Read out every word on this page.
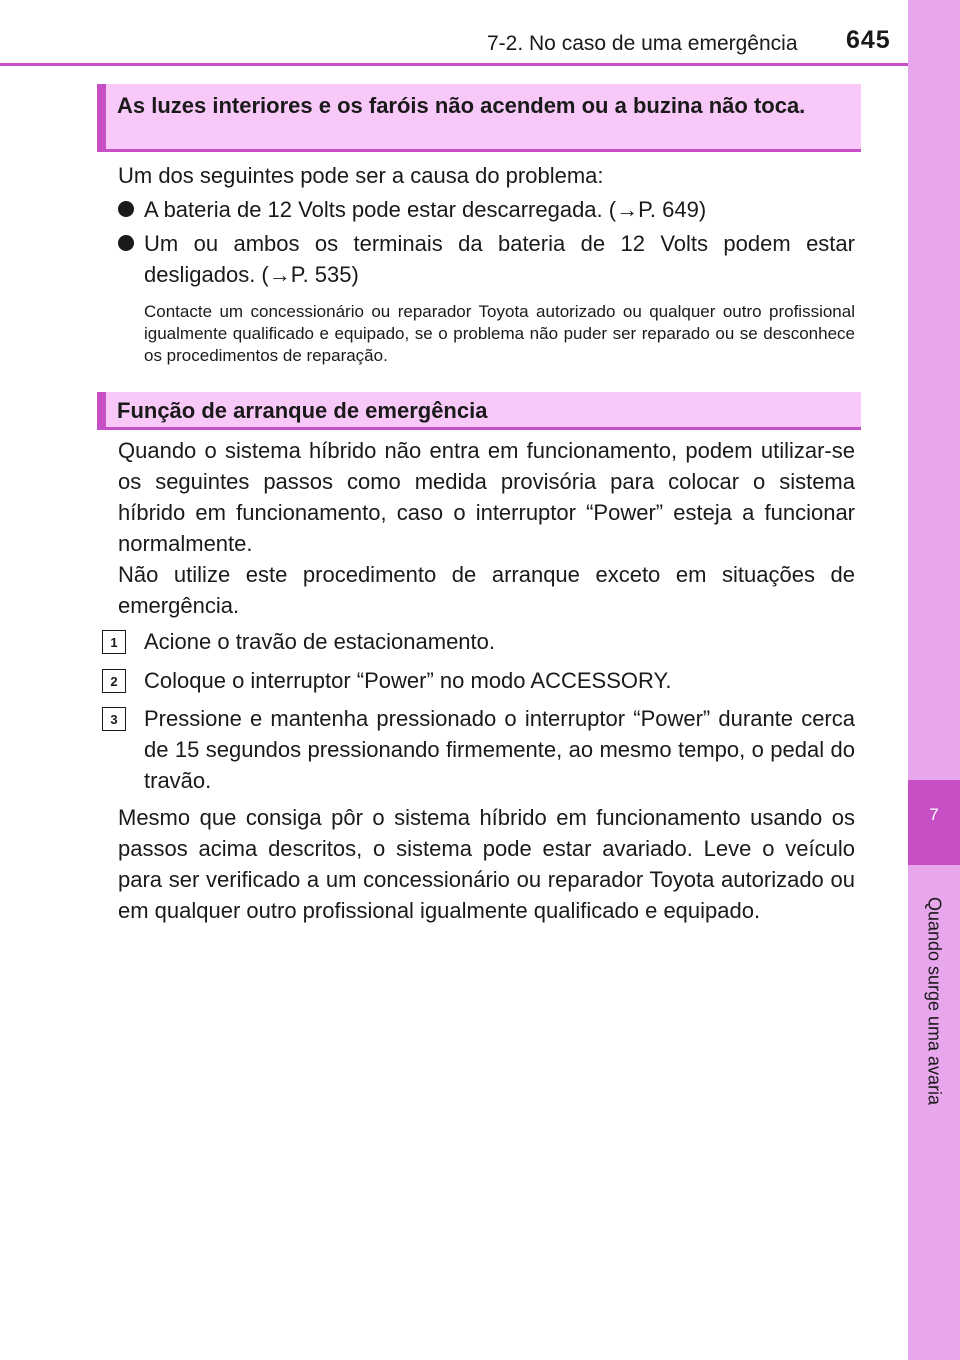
7-2. No caso de uma emergência 645
7
Quando surge uma avaria
As luzes interiores e os faróis não acendem ou a buzina não toca.
Um dos seguintes pode ser a causa do problema:
A bateria de 12 Volts pode estar descarregada. (→P. 649)
Um ou ambos os terminais da bateria de 12 Volts podem estar desligados. (→P. 535)
Contacte um concessionário ou reparador Toyota autorizado ou qualquer outro profissional igualmente qualificado e equipado, se o problema não puder ser reparado ou se desconhece os procedimentos de reparação.
Função de arranque de emergência
Quando o sistema híbrido não entra em funcionamento, podem utilizar-se os seguintes passos como medida provisória para colocar o sistema híbrido em funcionamento, caso o interruptor “Power” esteja a funcionar normalmente.
Não utilize este procedimento de arranque exceto em situações de emergência.
1	Acione o travão de estacionamento.
2	Coloque o interruptor “Power” no modo ACCESSORY.
3	Pressione e mantenha pressionado o interruptor “Power” durante cerca de 15 segundos pressionando firmemente, ao mesmo tempo, o pedal do travão.
Mesmo que consiga pôr o sistema híbrido em funcionamento usando os passos acima descritos, o sistema pode estar avariado. Leve o veículo para ser verificado a um concessionário ou reparador Toyota autorizado ou em qualquer outro profissional igualmente qualificado e equipado.
